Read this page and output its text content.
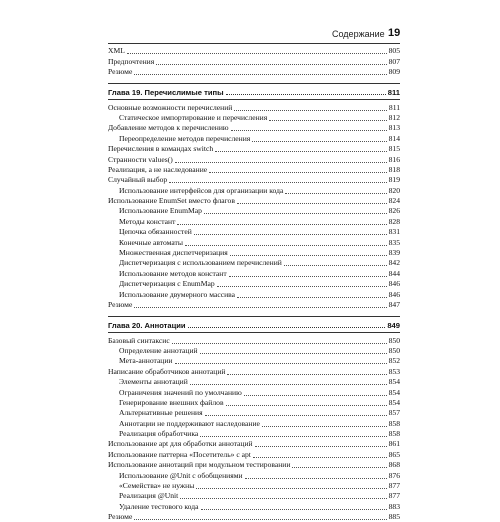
Содержание 19
XML	805
Предпочтения	807
Резюме	809
Глава 19. Перечислимые типы	811
Основные возможности перечислений	811
Статическое импортирование и перечисления	812
Добавление методов к перечислению	813
Переопределение методов перечисления	814
Перечисления в командах switch	815
Странности values()	816
Реализация, а не наследование	818
Случайный выбор	819
Использование интерфейсов для организации кода	820
Использование EnumSet вместо флагов	824
Использование EnumMap	826
Методы констант	828
Цепочка обязанностей	831
Конечные автоматы	835
Множественная диспетчеризация	839
Диспетчеризация с использованием перечислений	842
Использование методов констант	844
Диспетчеризация с EnumMap	846
Использование двумерного массива	846
Резюме	847
Глава 20. Аннотации	849
Базовый синтаксис	850
Определение аннотаций	850
Мета-аннотации	852
Написание обработчиков аннотаций	853
Элементы аннотаций	854
Ограничения значений по умолчанию	854
Генерирование внешних файлов	854
Альтернативные решения	857
Аннотации не поддерживают наследование	858
Реализация обработчика	858
Использование apt для обработки аннотаций	861
Использование паттерна «Посетитель» с apt	865
Использование аннотаций при модульном тестировании	868
Использование @Unit с обобщениями	876
«Семейства» не нужны	877
Реализация @Unit	877
Удаление тестового кода	883
Резюме	885
